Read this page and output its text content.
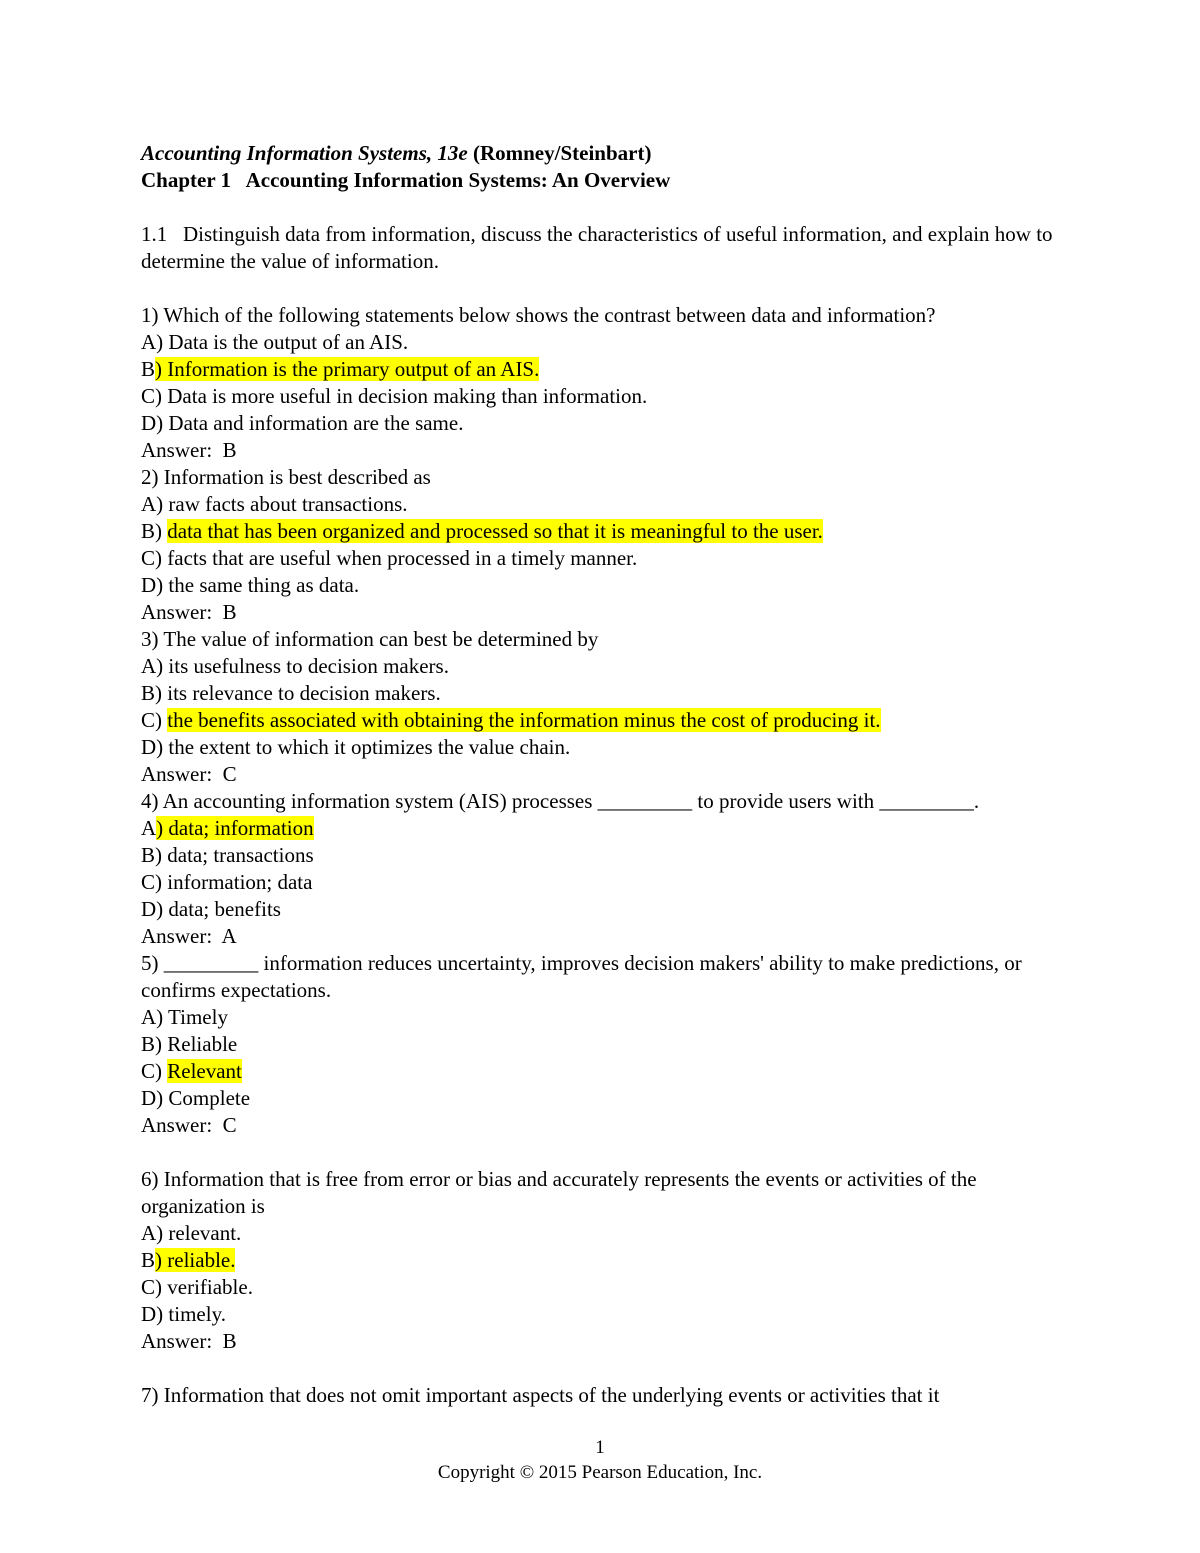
Accounting Information Systems, 13e (Romney/Steinbart)
Chapter 1   Accounting Information Systems: An Overview
1.1   Distinguish data from information, discuss the characteristics of useful information, and explain how to determine the value of information.
1) Which of the following statements below shows the contrast between data and information?
A) Data is the output of an AIS.
B) Information is the primary output of an AIS.
C) Data is more useful in decision making than information.
D) Data and information are the same.
Answer:  B
2) Information is best described as
A) raw facts about transactions.
B) data that has been organized and processed so that it is meaningful to the user.
C) facts that are useful when processed in a timely manner.
D) the same thing as data.
Answer:  B
3) The value of information can best be determined by
A) its usefulness to decision makers.
B) its relevance to decision makers.
C) the benefits associated with obtaining the information minus the cost of producing it.
D) the extent to which it optimizes the value chain.
Answer:  C
4) An accounting information system (AIS) processes _________ to provide users with _________.
A) data; information
B) data; transactions
C) information; data
D) data; benefits
Answer:  A
5) _________ information reduces uncertainty, improves decision makers' ability to make predictions, or confirms expectations.
A) Timely
B) Reliable
C) Relevant
D) Complete
Answer:  C
6) Information that is free from error or bias and accurately represents the events or activities of the organization is
A) relevant.
B) reliable.
C) verifiable.
D) timely.
Answer:  B
7) Information that does not omit important aspects of the underlying events or activities that it
1
Copyright © 2015 Pearson Education, Inc.
